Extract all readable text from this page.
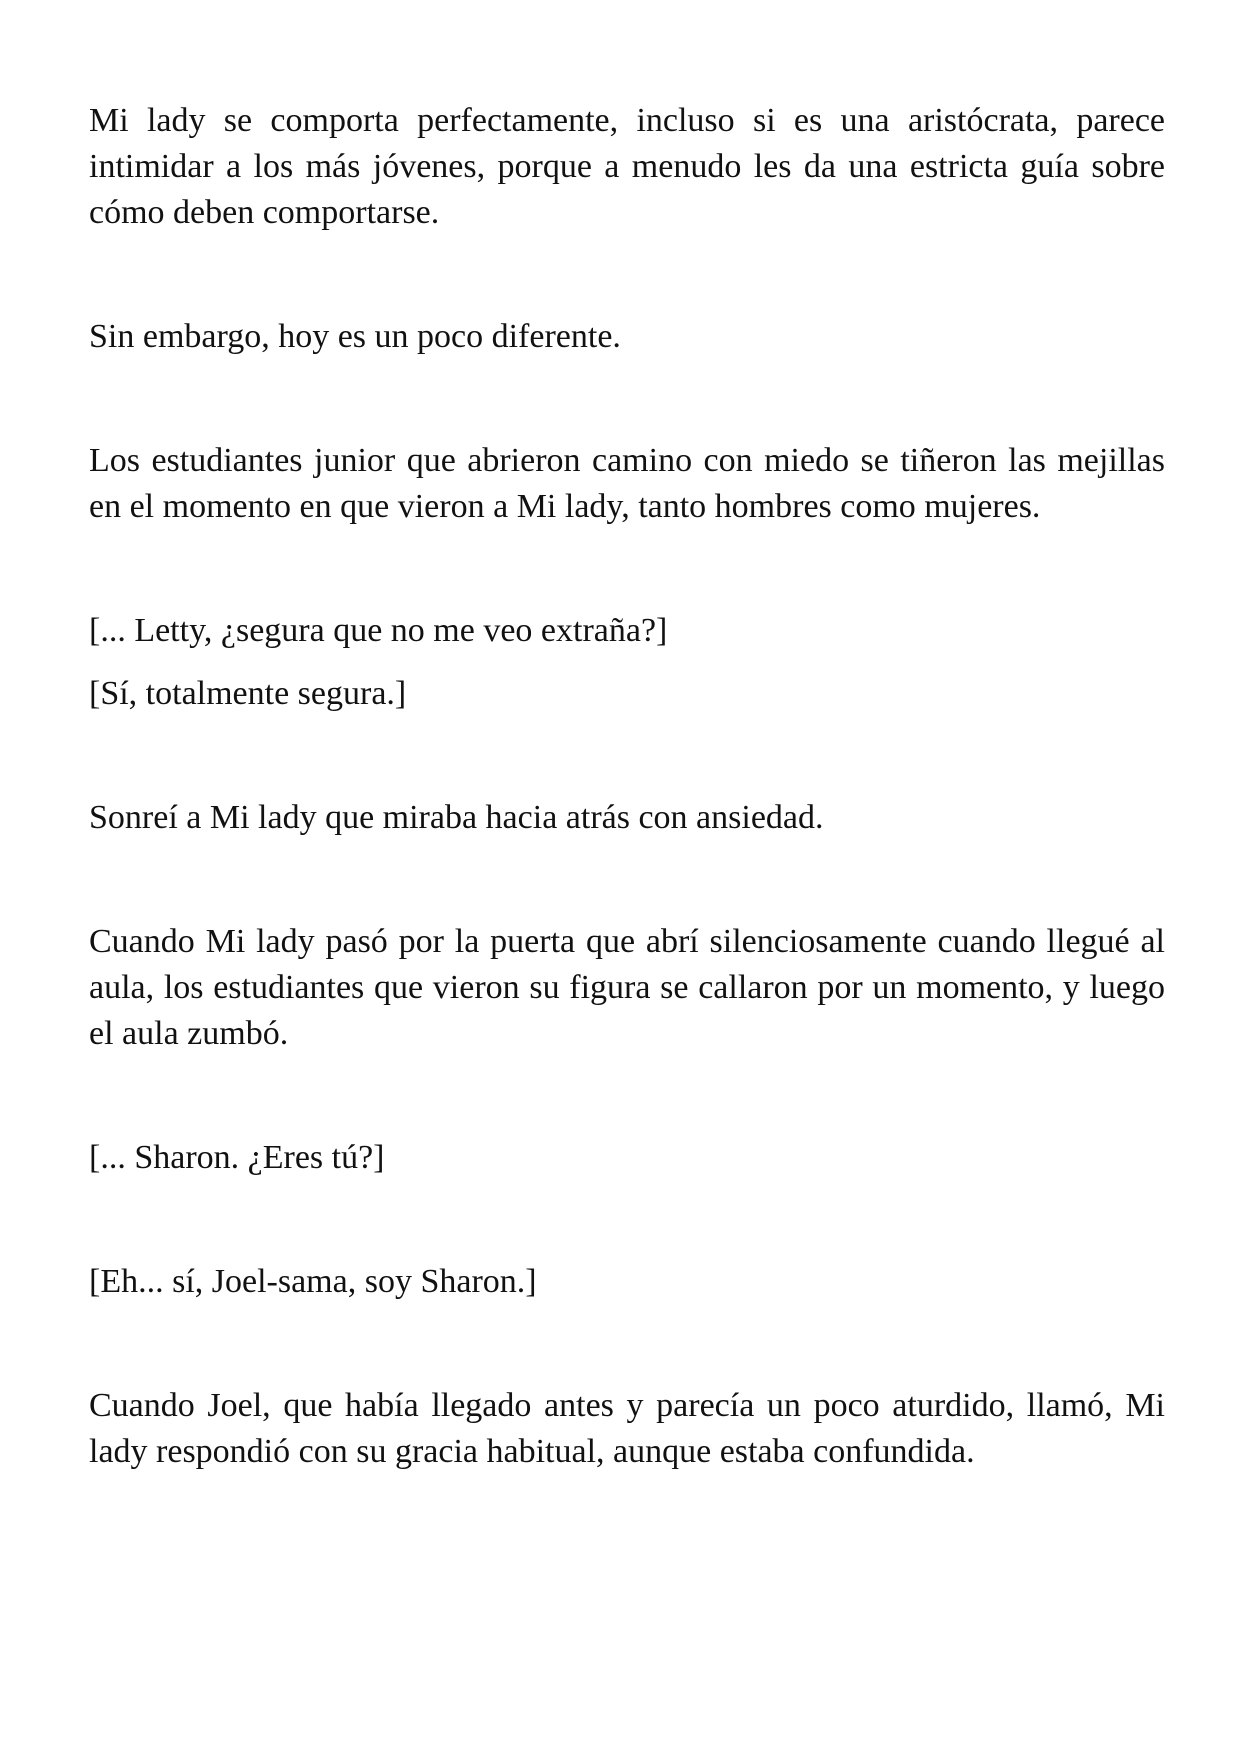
Mi lady se comporta perfectamente, incluso si es una aristócrata, parece intimidar a los más jóvenes, porque a menudo les da una estricta guía sobre cómo deben comportarse.

Sin embargo, hoy es un poco diferente.

Los estudiantes junior que abrieron camino con miedo se tiñeron las mejillas en el momento en que vieron a Mi lady, tanto hombres como mujeres.

[... Letty, ¿segura que no me veo extraña?]

[Sí, totalmente segura.]

Sonreí a Mi lady que miraba hacia atrás con ansiedad.

Cuando Mi lady pasó por la puerta que abrí silenciosamente cuando llegué al aula, los estudiantes que vieron su figura se callaron por un momento, y luego el aula zumbó.

[... Sharon. ¿Eres tú?]

[Eh... sí, Joel-sama, soy Sharon.]

Cuando Joel, que había llegado antes y parecía un poco aturdido, llamó, Mi lady respondió con su gracia habitual, aunque estaba confundida.
